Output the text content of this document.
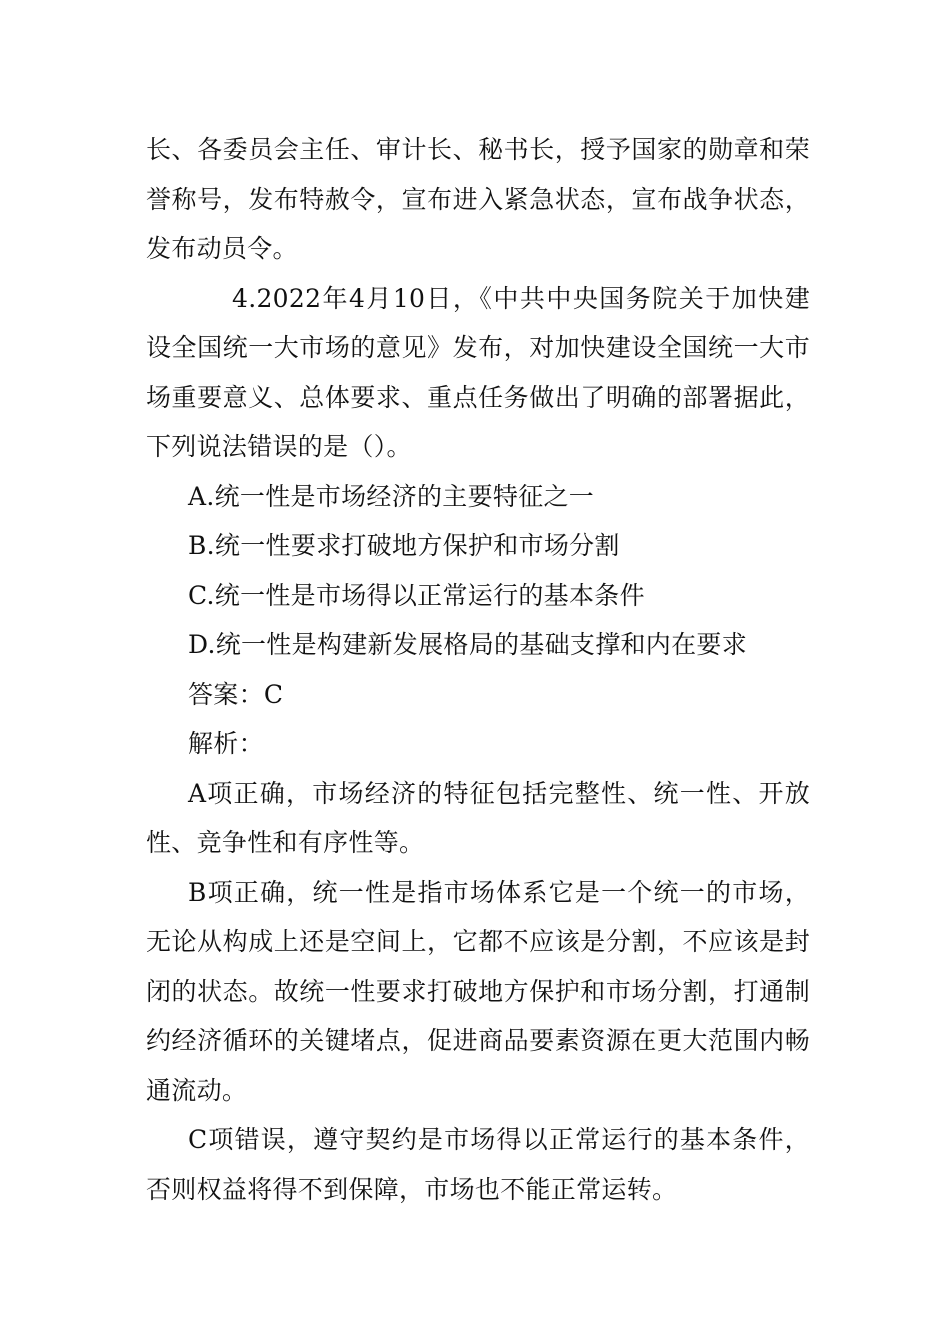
长、各委员会主任、审计长、秘书长，授予国家的勋章和荣誉称号，发布特赦令，宣布进入紧急状态，宣布战争状态，发布动员令。

4.2022年4月10日，《中共中央国务院关于加快建设全国统一大市场的意见》发布，对加快建设全国统一大市场重要意义、总体要求、重点任务做出了明确的部署据此，下列说法错误的是（）。

A.统一性是市场经济的主要特征之一

B.统一性要求打破地方保护和市场分割

C.统一性是市场得以正常运行的基本条件

D.统一性是构建新发展格局的基础支撑和内在要求

答案：C

解析：

A项正确，市场经济的特征包括完整性、统一性、开放性、竞争性和有序性等。

B项正确，统一性是指市场体系它是一个统一的市场，无论从构成上还是空间上，它都不应该是分割，不应该是封闭的状态。故统一性要求打破地方保护和市场分割，打通制约经济循环的关键堵点，促进商品要素资源在更大范围内畅通流动。

C项错误，遵守契约是市场得以正常运行的基本条件，否则权益将得不到保障，市场也不能正常运转。
